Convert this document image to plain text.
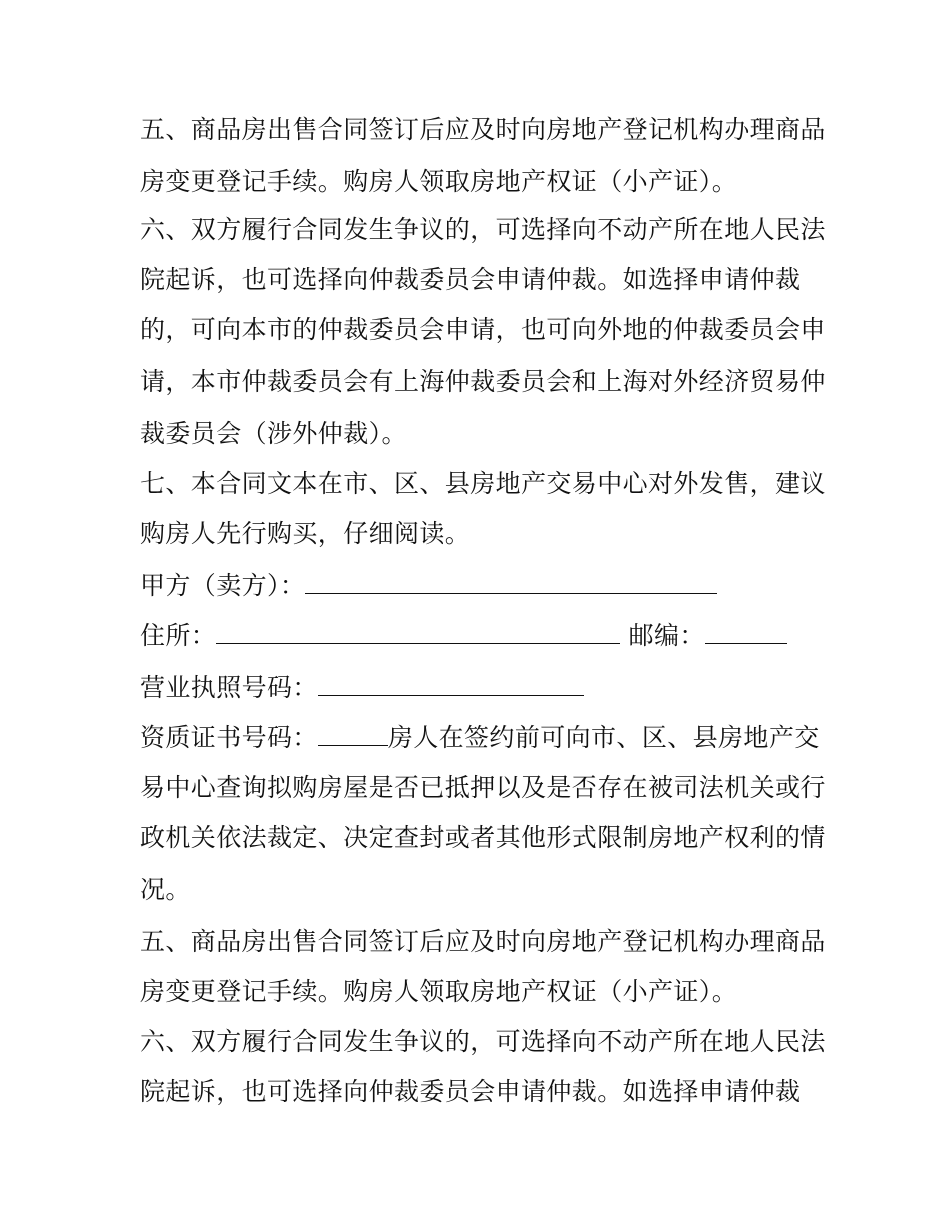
五、商品房出售合同签订后应及时向房地产登记机构办理商品
房变更登记手续。购房人领取房地产权证（小产证）。
六、双方履行合同发生争议的，可选择向不动产所在地人民法
院起诉，也可选择向仲裁委员会申请仲裁。如选择申请仲裁
的，可向本市的仲裁委员会申请，也可向外地的仲裁委员会申
请，本市仲裁委员会有上海仲裁委员会和上海对外经济贸易仲
裁委员会（涉外仲裁）。
七、本合同文本在市、区、县房地产交易中心对外发售，建议
购房人先行购买，仔细阅读。
甲方（卖方）：
住所：	邮编：
营业执照号码：
资质证书号码：	房人在签约前可向市、区、县房地产交
易中心查询拟购房屋是否已抵押以及是否存在被司法机关或行
政机关依法裁定、决定查封或者其他形式限制房地产权利的情
况。
五、商品房出售合同签订后应及时向房地产登记机构办理商品
房变更登记手续。购房人领取房地产权证（小产证）。
六、双方履行合同发生争议的，可选择向不动产所在地人民法
院起诉，也可选择向仲裁委员会申请仲裁。如选择申请仲裁
